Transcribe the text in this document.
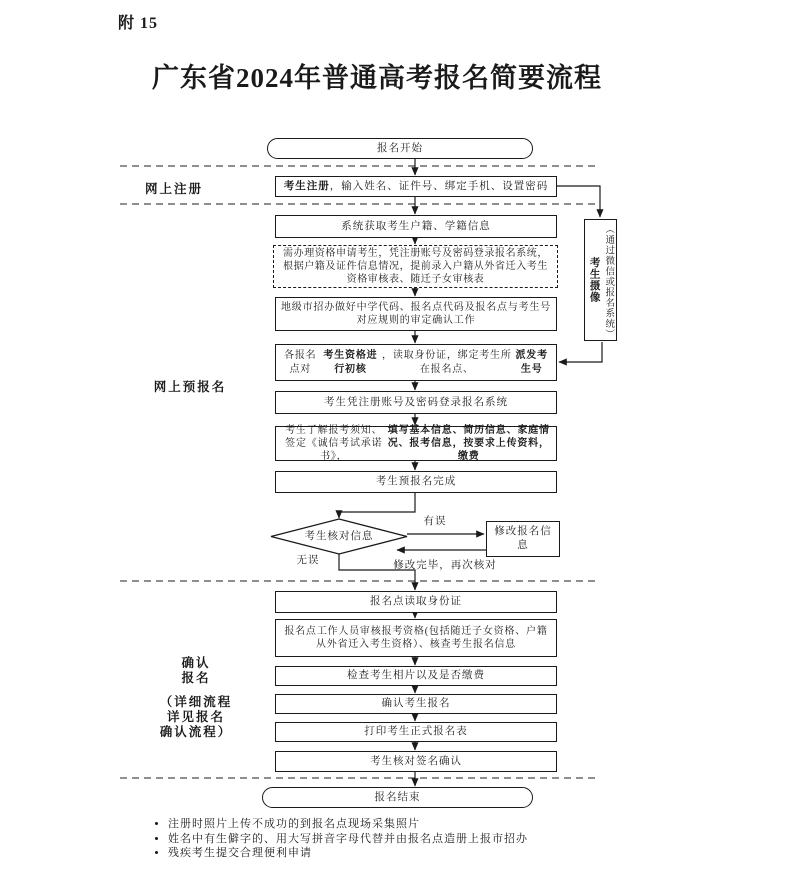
附 15
广东省2024年普通高考报名简要流程
网上注册
网上预报名
确认
报名
（详细流程
详见报名
确认流程）
报名开始
考生注册 ，输入姓名、证件号、绑定手机、设置密码
系统获取考生户籍、学籍信息
需办理资格申请考生，凭注册账号及密码登录报名系统，根据户籍及证件信息情况，提前录入户籍从外省迁入考生资格审核表、随迁子女审核表
地级市招办做好中学代码、报名点代码及报名点与考生号对应规则的审定确认工作
各报名点对
考生资格进行初核
，读取身份证，绑定考生所在报名点、
派发考生号
考生凭注册账号及密码登录报名系统
考生了解报考须知、签定《诚信考试承诺书》，
填写基本信息、简历信息、家庭情况、报考信息，按要求上传资料，缴费
考生预报名完成
考生核对信息	修改报名信息
报名点读取身份证
报名点工作人员审核报考资格(包括随迁子女资格、户籍从外省迁入考生资格）、核查考生报名信息
检查考生相片以及是否缴费
确认考生报名
打印考生正式报名表
考生核对签名确认
报名结束
考生摄像 （通过微信或报名系统）
有误
无误	修改完毕，再次核对
• 注册时照片上传不成功的到报名点现场采集照片
• 姓名中有生僻字的、用大写拼音字母代替并由报名点造册上报市招办
• 残疾考生提交合理便利申请
